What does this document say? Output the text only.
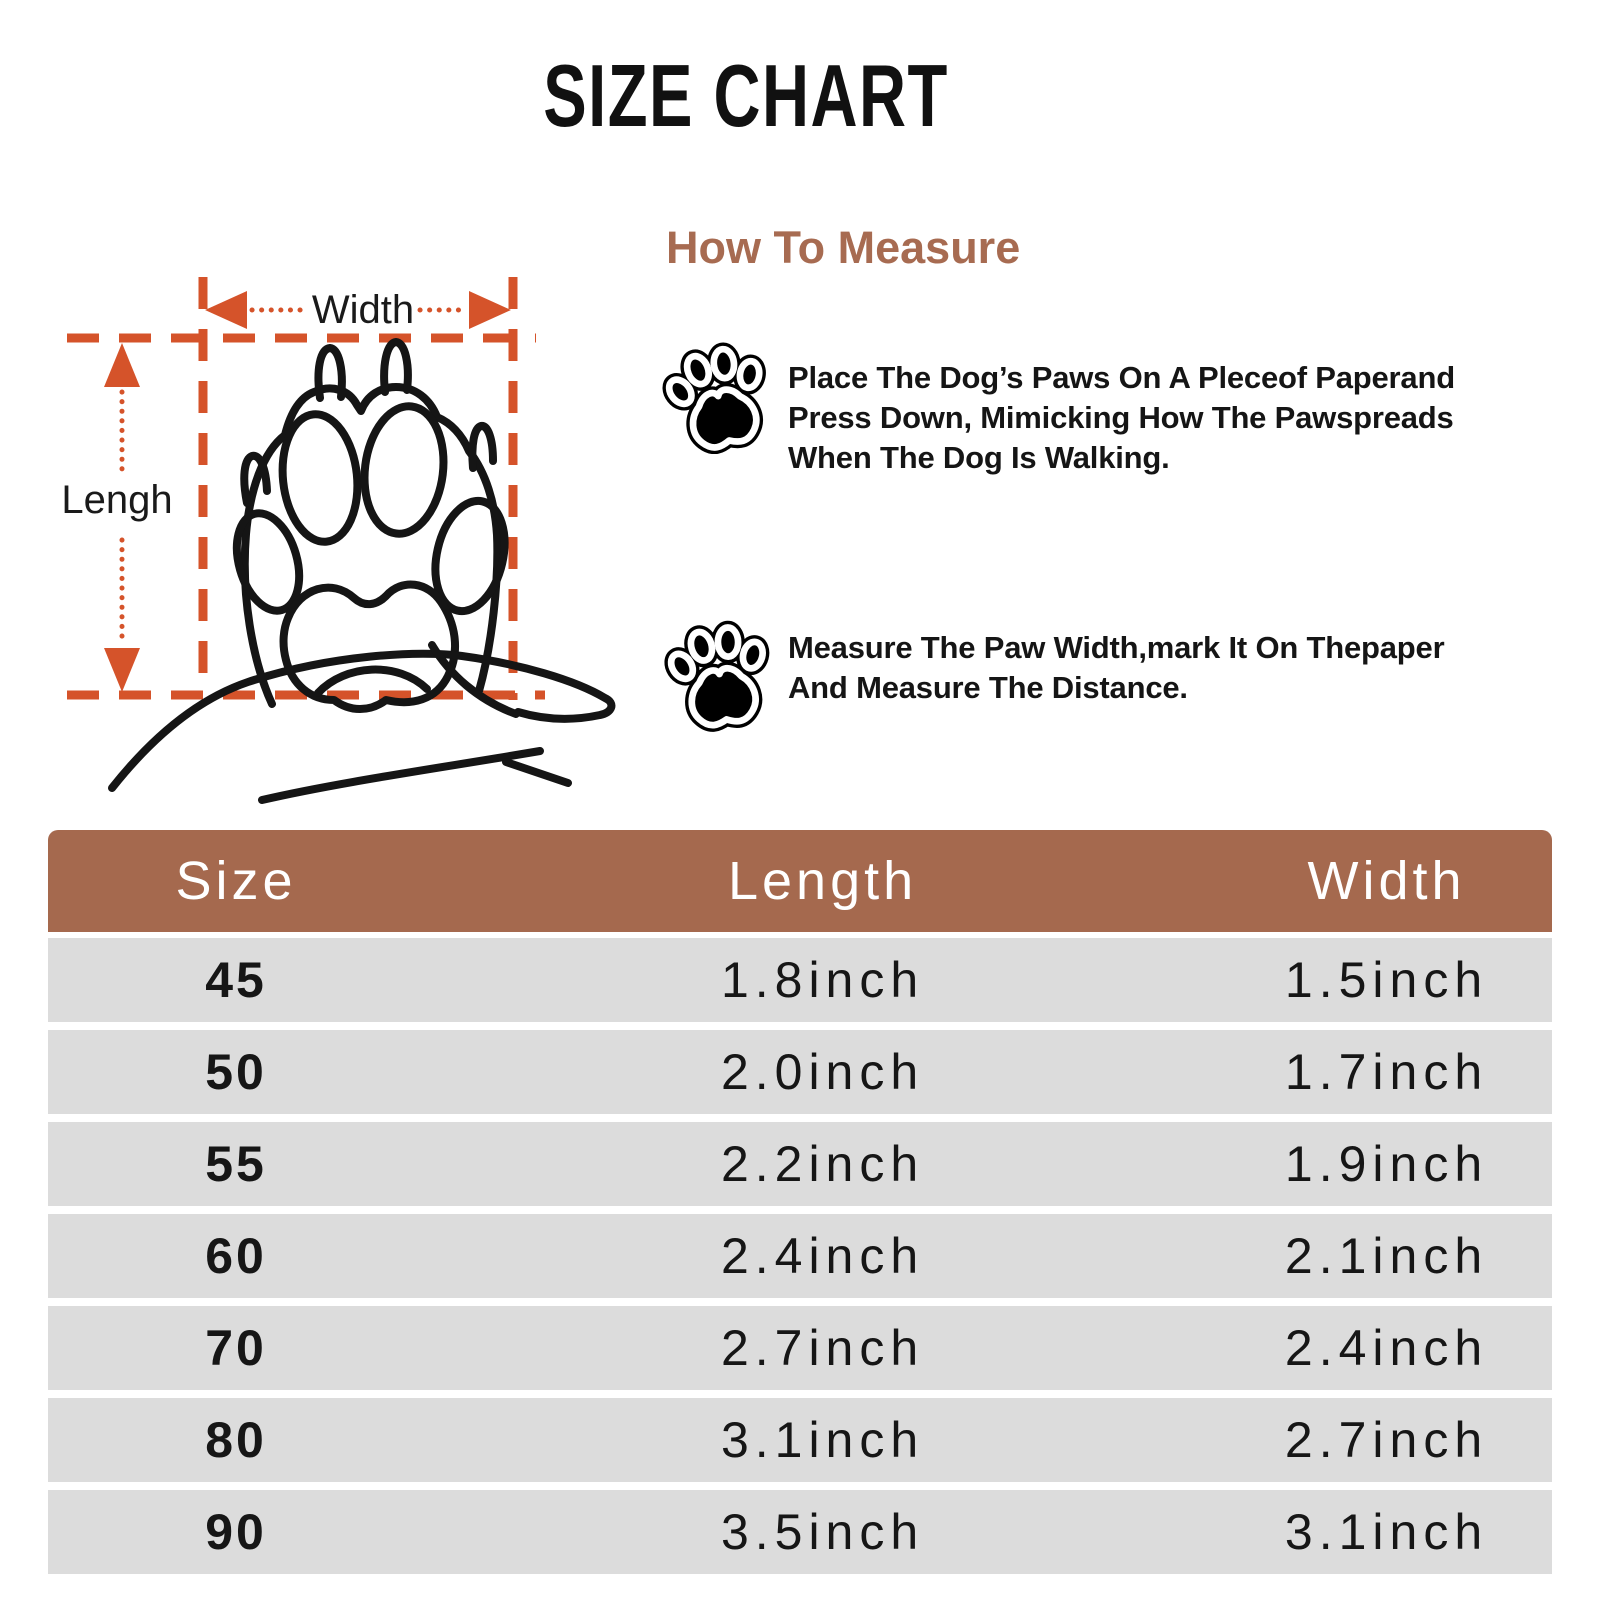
SIZE CHART
Width
Lengh
How To Measure
Place The Dog’s Paws On A Pleceof Paperand
Press Down, Mimicking How The Pawspreads
When The Dog Is Walking.
Measure The Paw Width,mark It On Thepaper
And Measure The Distance.
Size	Length	Width
45	1.8inch	1.5inch
50	2.0inch	1.7inch
55	2.2inch	1.9inch
60	2.4inch	2.1inch
70	2.7inch	2.4inch
80	3.1inch	2.7inch
90	3.5inch	3.1inch
